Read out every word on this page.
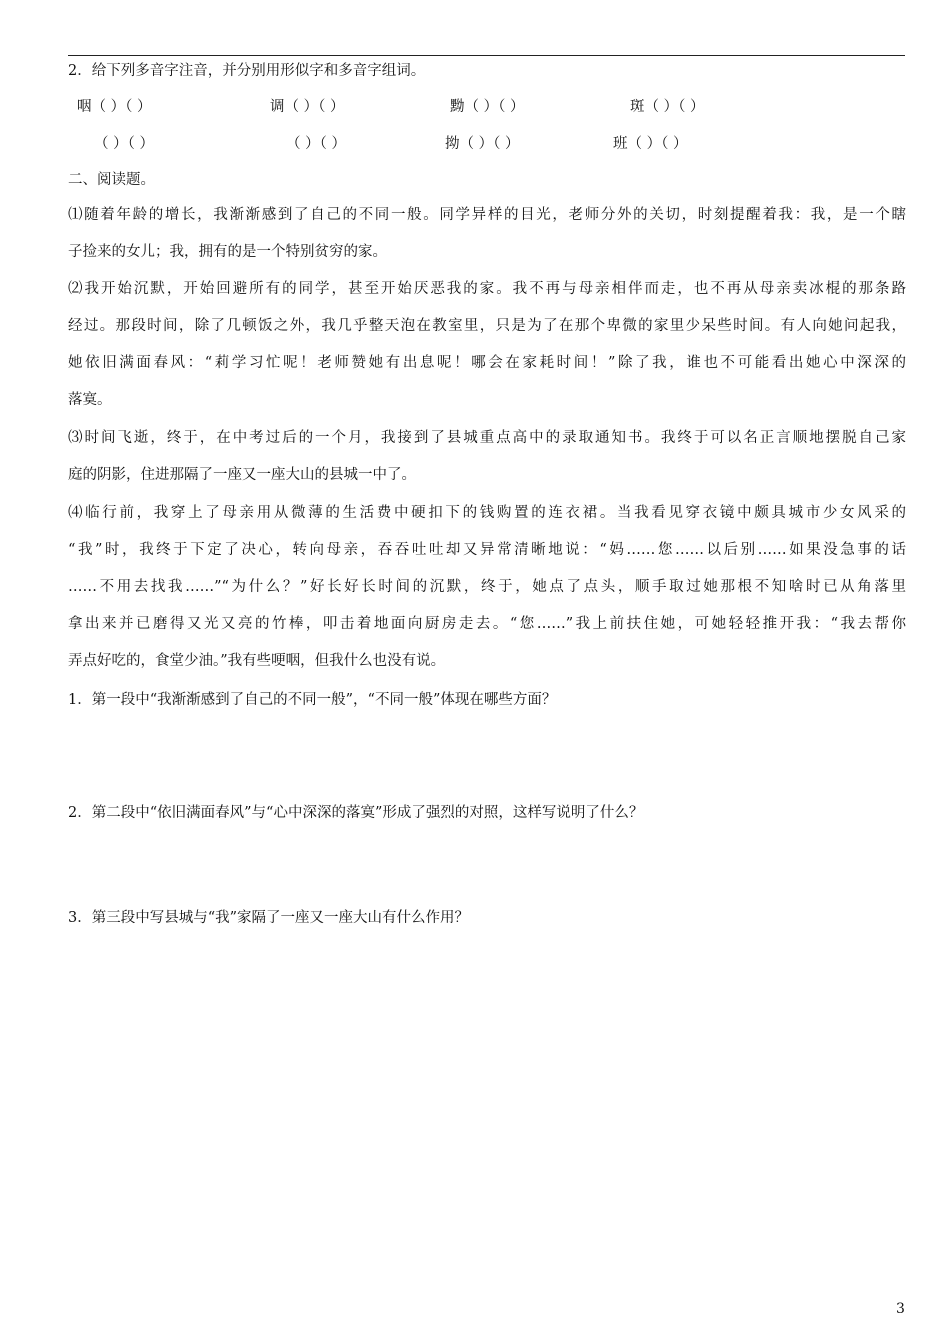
2．给下列多音字注音，并分别用形似字和多音字组词。
咽（ ）（ ）	调（ ）（ ）	黝（ ）（ ）	斑（ ）（ ）
（ ）（ ）	（ ）（ ）	拗（ ）（ ）	班（ ）（ ）
二、阅读题。
⑴随着年龄的增长，我渐渐感到了自己的不同一般。同学异样的目光，老师分外的关切，时刻提醒着我：我，是一个瞎
子捡来的女儿；我，拥有的是一个特别贫穷的家。
⑵我开始沉默，开始回避所有的同学，甚至开始厌恶我的家。我不再与母亲相伴而走，也不再从母亲卖冰棍的那条路
经过。那段时间，除了几顿饭之外，我几乎整天泡在教室里，只是为了在那个卑微的家里少呆些时间。有人向她问起我，
她依旧满面春风：“莉学习忙呢！老师赞她有出息呢！哪会在家耗时间！”除了我，谁也不可能看出她心中深深的
落寞。
⑶时间飞逝，终于，在中考过后的一个月，我接到了县城重点高中的录取通知书。我终于可以名正言顺地摆脱自己家
庭的阴影，住进那隔了一座又一座大山的县城一中了。
⑷临行前，我穿上了母亲用从微薄的生活费中硬扣下的钱购置的连衣裙。当我看见穿衣镜中颇具城市少女风采的
“我”时，我终于下定了决心，转向母亲，吞吞吐吐却又异常清晰地说：“妈……您……以后别……如果没急事的话
……不用去找我……”“为什么？”好长好长时间的沉默，终于，她点了点头，顺手取过她那根不知啥时已从角落里
拿出来并已磨得又光又亮的竹棒，叩击着地面向厨房走去。“您……”我上前扶住她，可她轻轻推开我：“我去帮你
弄点好吃的，食堂少油。”我有些哽咽，但我什么也没有说。
1．第一段中“我渐渐感到了自己的不同一般”，“不同一般”体现在哪些方面？
2．第二段中“依旧满面春风”与“心中深深的落寞”形成了强烈的对照，这样写说明了什么？
3．第三段中写县城与“我”家隔了一座又一座大山有什么作用？
3
